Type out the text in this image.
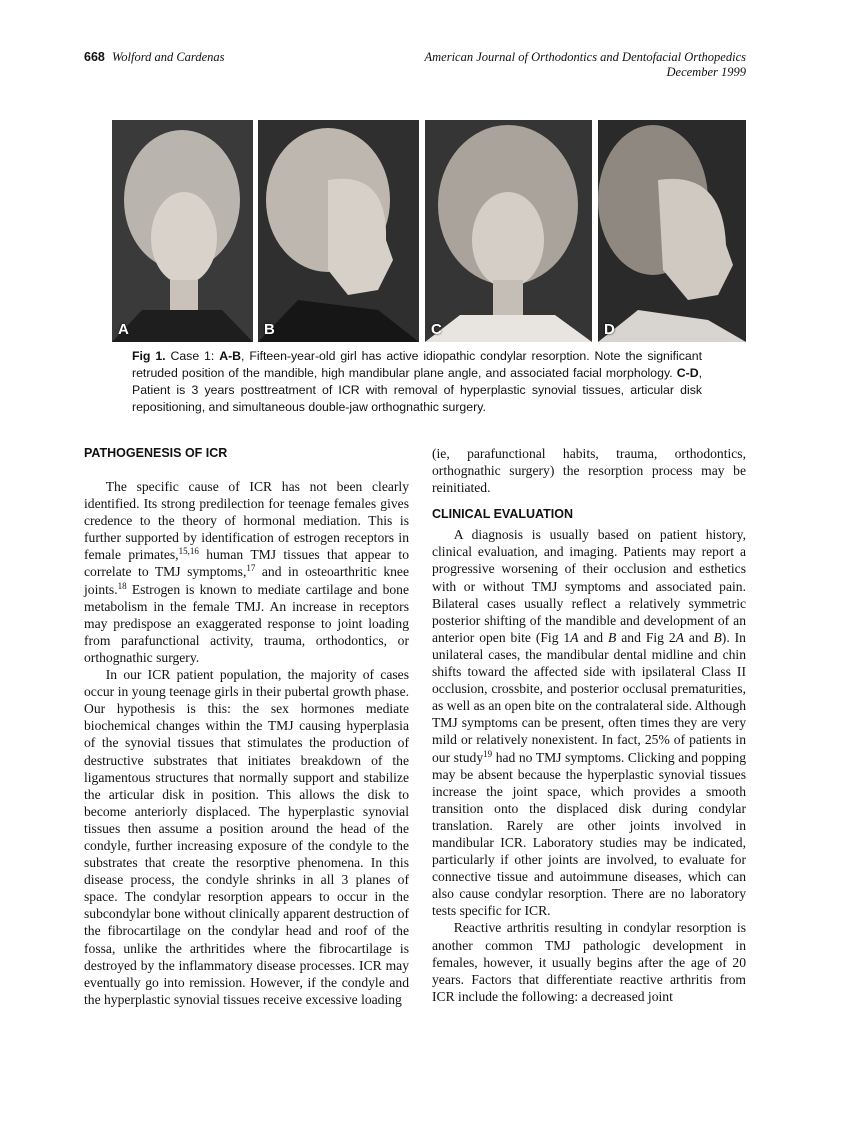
668 Wolford and Cardenas	American Journal of Orthodontics and Dentofacial Orthopedics
December 1999
A	B	C	D
Fig 1. Case 1: A-B, Fifteen-year-old girl has active idiopathic condylar resorption. Note the significant retruded position of the mandible, high mandibular plane angle, and associated facial morphology. C-D, Patient is 3 years posttreatment of ICR with removal of hyperplastic synovial tissues, articular disk repositioning, and simultaneous double-jaw orthognathic surgery.
PATHOGENESIS OF ICR

The specific cause of ICR has not been clearly identified. Its strong predilection for teenage females gives credence to the theory of hormonal mediation. This is further supported by identification of estrogen receptors in female primates,$^{15,16}$ human TMJ tissues that appear to correlate to TMJ symptoms,$^{17}$ and in osteoarthritic knee joints.$^{18}$ Estrogen is known to mediate cartilage and bone metabolism in the female TMJ. An increase in receptors may predispose an exaggerated response to joint loading from parafunctional activity, trauma, orthodontics, or orthognathic surgery.

In our ICR patient population, the majority of cases occur in young teenage girls in their pubertal growth phase. Our hypothesis is this: the sex hormones mediate biochemical changes within the TMJ causing hyperplasia of the synovial tissues that stimulates the production of destructive substrates that initiates breakdown of the ligamentous structures that normally support and stabilize the articular disk in position. This allows the disk to become anteriorly displaced. The hyperplastic synovial tissues then assume a position around the head of the condyle, further increasing exposure of the condyle to the substrates that create the resorptive phenomena. In this disease process, the condyle shrinks in all 3 planes of space. The condylar resorption appears to occur in the subcondylar bone without clinically apparent destruction of the fibrocartilage on the condylar head and roof of the fossa, unlike the arthritides where the fibrocartilage is destroyed by the inflammatory disease processes. ICR may eventually go into remission. However, if the condyle and the hyperplastic synovial tissues receive excessive loading

(ie, parafunctional habits, trauma, orthodontics, orthognathic surgery) the resorption process may be reinitiated.

CLINICAL EVALUATION

A diagnosis is usually based on patient history, clinical evaluation, and imaging. Patients may report a progressive worsening of their occlusion and esthetics with or without TMJ symptoms and associated pain. Bilateral cases usually reflect a relatively symmetric posterior shifting of the mandible and development of an anterior open bite (Fig 1A and B and Fig 2A and B). In unilateral cases, the mandibular dental midline and chin shifts toward the affected side with ipsilateral Class II occlusion, crossbite, and posterior occlusal prematurities, as well as an open bite on the contralateral side. Although TMJ symptoms can be present, often times they are very mild or relatively nonexistent. In fact, 25% of patients in our study$^{19}$ had no TMJ symptoms. Clicking and popping may be absent because the hyperplastic synovial tissues increase the joint space, which provides a smooth transition onto the displaced disk during condylar translation. Rarely are other joints involved in mandibular ICR. Laboratory studies may be indicated, particularly if other joints are involved, to evaluate for connective tissue and autoimmune diseases, which can also cause condylar resorption. There are no laboratory tests specific for ICR.

Reactive arthritis resulting in condylar resorption is another common TMJ pathologic development in females, however, it usually begins after the age of 20 years. Factors that differentiate reactive arthritis from ICR include the following: a decreased joint
